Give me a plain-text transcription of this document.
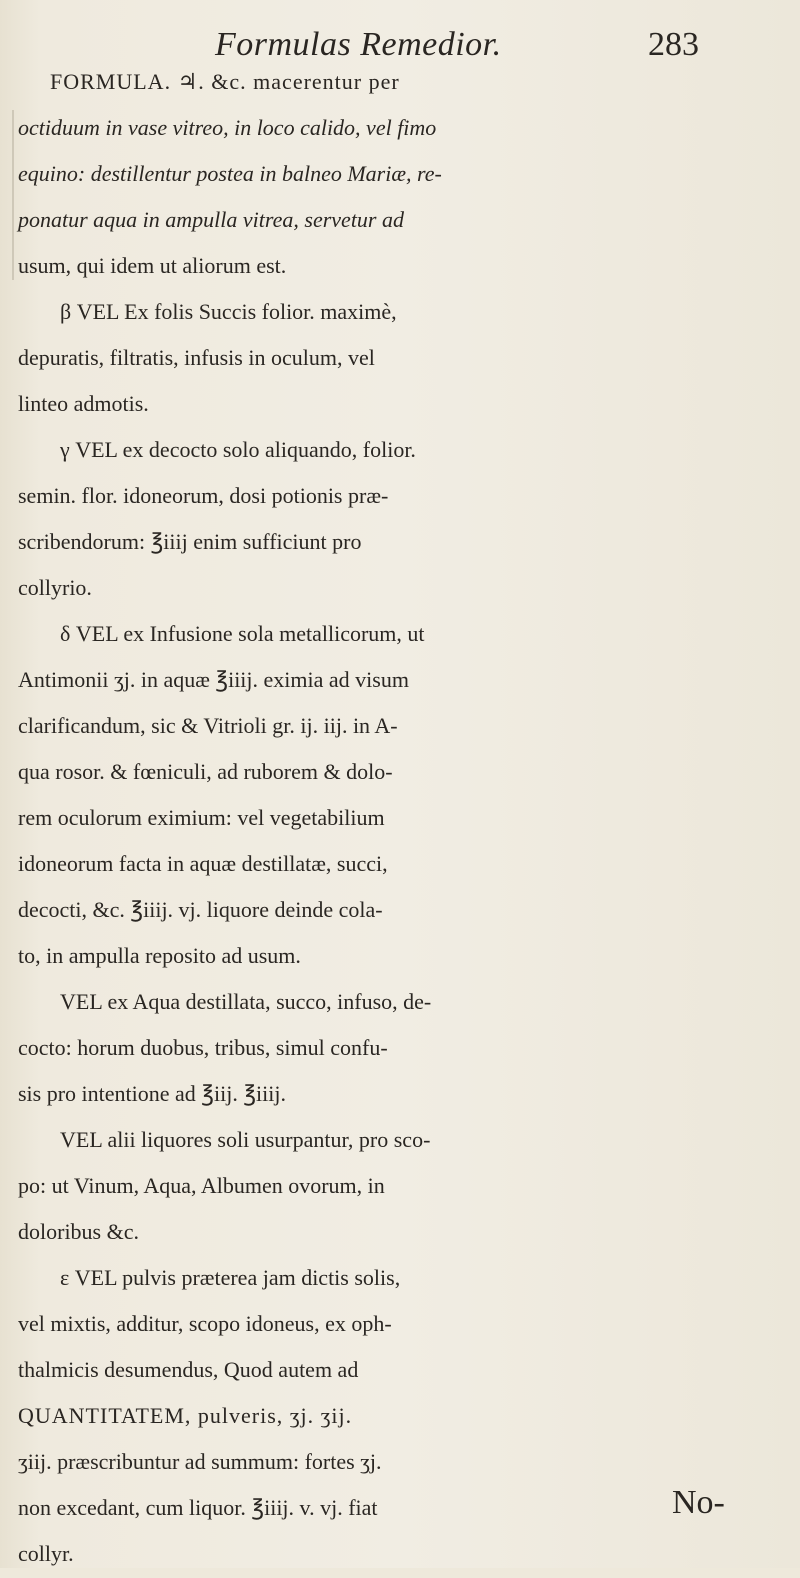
Formulas Remedior.	283
FORMULA. ♃. &c. macerentur per
octiduum in vase vitreo, in loco calido, vel fimo
equino: destillentur postea in balneo Mariæ, re-
ponatur aqua in ampulla vitrea, servetur ad
usum, qui idem ut aliorum est.
β VEL Ex folis Succis folior. maximè,
depuratis, filtratis, infusis in oculum, vel
linteo admotis.
γ VEL ex decocto solo aliquando, folior.
semin. flor. idoneorum, dosi potionis præ-
scribendorum: ℥iiij enim sufficiunt pro
collyrio.
δ VEL ex Infusione sola metallicorum, ut
Antimonii ʒj. in aquæ ℥iiij. eximia ad visum
clarificandum, sic & Vitrioli gr. ij. iij. in A-
qua rosor. & fœniculi, ad ruborem & dolo-
rem oculorum eximium: vel vegetabilium
idoneorum facta in aquæ destillatæ, succi,
decocti, &c. ℥iiij. vj. liquore deinde cola-
to, in ampulla reposito ad usum.
VEL ex Aqua destillata, succo, infuso, de-
cocto: horum duobus, tribus, simul confu-
sis pro intentione ad ℥iij. ℥iiij.
VEL alii liquores soli usurpantur, pro sco-
po: ut Vinum, Aqua, Albumen ovorum, in
doloribus &c.
ε VEL pulvis præterea jam dictis solis,
vel mixtis, additur, scopo idoneus, ex oph-
thalmicis desumendus, Quod autem ad
QUANTITATEM, pulveris, ʒj. ʒij.
ʒiij. præscribuntur ad summum: fortes ʒj.
non excedant, cum liquor. ℥iiij. v. vj. fiat
collyr.
No-
